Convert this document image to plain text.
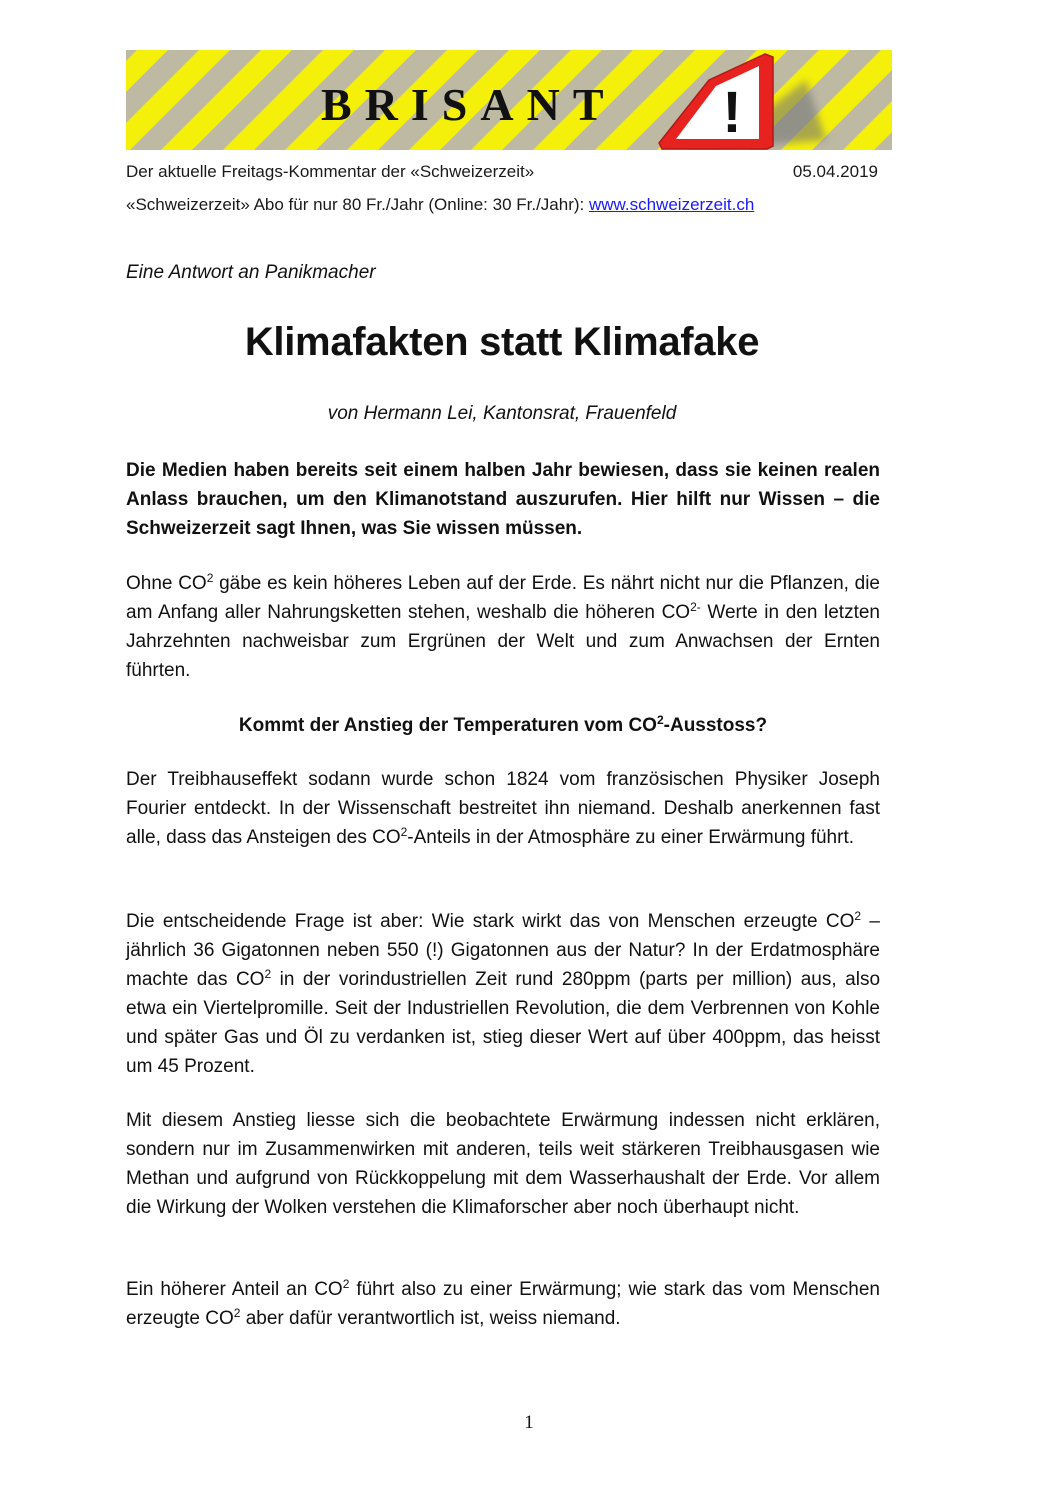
BRISANT !
Der aktuelle Freitags-Kommentar der «Schweizerzeit»	05.04.2019
«Schweizerzeit» Abo für nur 80 Fr./Jahr (Online: 30 Fr./Jahr): www.schweizerzeit.ch
Eine Antwort an Panikmacher
Klimafakten statt Klimafake
von Hermann Lei, Kantonsrat, Frauenfeld

Die Medien haben bereits seit einem halben Jahr bewiesen, dass sie keinen realen Anlass brauchen, um den Klimanotstand auszurufen. Hier hilft nur Wissen – die Schweizerzeit sagt Ihnen, was Sie wissen müssen.

Ohne $CO^2$ gäbe es kein höheres Leben auf der Erde. Es nährt nicht nur die Pflanzen, die am Anfang aller Nahrungsketten stehen, weshalb die höheren $CO^{2-}$ Werte in den letzten Jahrzehnten nachweisbar zum Ergrünen der Welt und zum Anwachsen der Ernten führten.

Kommt der Anstieg der Temperaturen vom $CO^2$-Ausstoss?

Der Treibhauseffekt sodann wurde schon 1824 vom französischen Physiker Joseph Fourier entdeckt. In der Wissenschaft bestreitet ihn niemand. Deshalb anerkennen fast alle, dass das Ansteigen des $CO^2$-Anteils in der Atmosphäre zu einer Erwärmung führt.

Die entscheidende Frage ist aber: Wie stark wirkt das von Menschen erzeugte $CO^2$ – jährlich 36 Gigatonnen neben 550 (!) Gigatonnen aus der Natur? In der Erdatmosphäre machte das $CO^2$ in der vorindustriellen Zeit rund 280ppm (parts per million) aus, also etwa ein Viertelpromille. Seit der Industriellen Revolution, die dem Verbrennen von Kohle und später Gas und Öl zu verdanken ist, stieg dieser Wert auf über 400ppm, das heisst um 45 Prozent.

Mit diesem Anstieg liesse sich die beobachtete Erwärmung indessen nicht erklären, sondern nur im Zusammenwirken mit anderen, teils weit stärkeren Treibhausgasen wie Methan und aufgrund von Rückkoppelung mit dem Wasserhaushalt der Erde. Vor allem die Wirkung der Wolken verstehen die Klimaforscher aber noch überhaupt nicht.

Ein höherer Anteil an $CO^2$ führt also zu einer Erwärmung; wie stark das vom Menschen erzeugte $CO^2$ aber dafür verantwortlich ist, weiss niemand.

1
